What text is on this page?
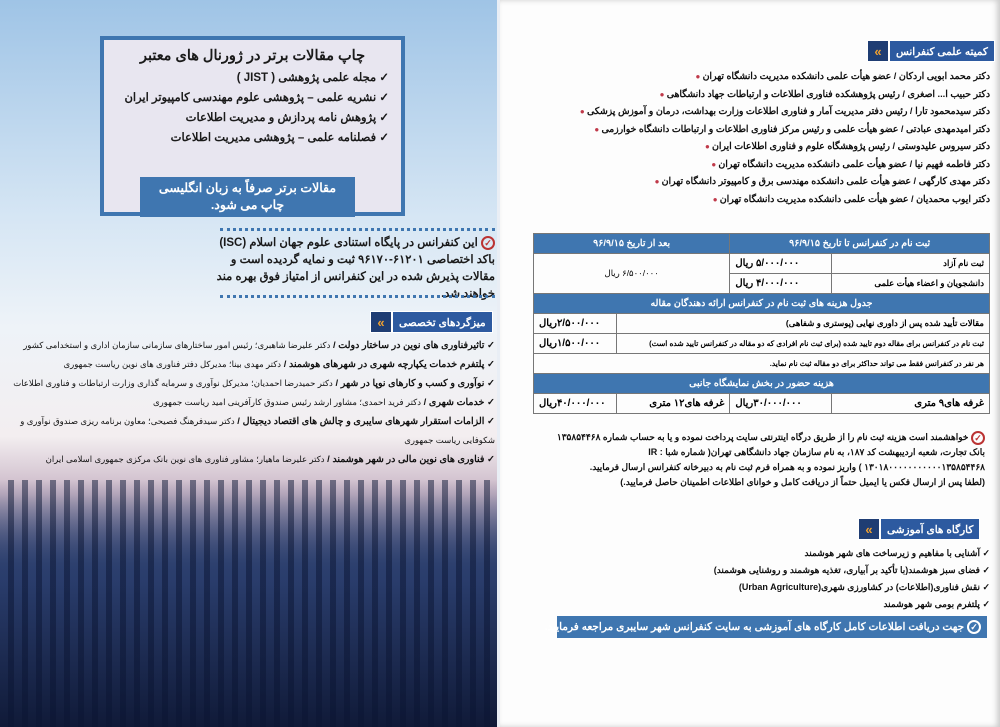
چاپ مقالات برتر در ژورنال های معتبر
✓ مجله علمی پژوهشی ( JIST )
✓ نشریه علمی – پژوهشی علوم مهندسی کامپیوتر ایران
✓ پژوهش نامه پردازش و مدیریت اطلاعات
✓ فصلنامه علمی – پژوهشی مدیریت اطلاعات
مقالات برتر صرفاً به زبان انگلیسی
چاپ می شود.
✓ این کنفرانس در پایگاه استنادی علوم جهان اسلام (ISC) باکد اختصاصی ۶۱۲۰۱-۹۶۱۷۰ ثبت و نمایه گردیده است و مقالات پذیرش شده در این کنفرانس از امتیاز فوق بهره مند خواهند شد.
«	میزگردهای تخصصی
✓ تاثیرفناوری های نوین در ساختار دولت / دکتر علیرضا شاهبری؛ رئیس امور ساختارهای سازمانی سازمان اداری و استخدامی کشور
✓ پلتفرم خدمات یکپارچه شهری در شهرهای هوشمند / دکتر مهدی بینا؛ مدیرکل دفتر فناوری های نوین ریاست جمهوری
✓ نوآوری و کسب و کارهای نوپا در شهر / دکتر حمیدرضا احمدیان؛ مدیرکل نوآوری و سرمایه گذاری وزارت ارتباطات و فناوری اطلاعات
✓ خدمات شهری / دکتر فرید احمدی؛ مشاور ارشد رئیس صندوق کارآفرینی امید ریاست جمهوری
✓ الزامات استقرار شهرهای سایبری و چالش های اقتصاد دیجیتال / دکتر سیدفرهنگ فصیحی؛ معاون برنامه ریزی صندوق نوآوری و شکوفایی ریاست جمهوری
✓ فناوری های نوین مالی در شهر هوشمند / دکتر علیرضا ماهیار؛ مشاور فناوری های نوین بانک مرکزی جمهوری اسلامی ایران
«	کمیته علمی کنفرانس
دکتر محمد ابویی اردکان / عضو هیأت علمی دانشکده مدیریت دانشگاه تهران ●
دکتر حبیب ا... اصغری / رئیس پژوهشکده فناوری اطلاعات و ارتباطات جهاد دانشگاهی ●
دکتر سیدمحمود تارا / رئیس دفتر مدیریت آمار و فناوری اطلاعات وزارت بهداشت، درمان و آموزش پزشکی ●
دکتر امیدمهدی عبادتی / عضو هیأت علمی و رئیس مرکز فناوری اطلاعات و ارتباطات دانشگاه خوارزمی ●
دکتر سیروس علیدوستی / رئیس پژوهشگاه علوم و فناوری اطلاعات ایران ●
دکتر فاطمه فهیم نیا / عضو هیأت علمی دانشکده مدیریت دانشگاه تهران ●
دکتر مهدی کارگهی / عضو هیأت علمی دانشکده مهندسی برق و کامپیوتر دانشگاه تهران ●
دکتر ایوب محمدیان / عضو هیأت علمی دانشکده مدیریت دانشگاه تهران ●
ثبت نام در کنفرانس تا تاریخ ۹۶/۹/۱۵		بعد از تاریخ ۹۶/۹/۱۵	
ثبت نام آزاد	۵/۰۰۰/۰۰۰ ریال	۶/۵۰۰/۰۰۰ ریال	
دانشجویان و اعضاء هیأت علمی	۴/۰۰۰/۰۰۰ ریال		
جدول هزینه های ثبت نام در کنفرانس ارائه دهندگان مقاله			
مقالات تأیید شده پس از داوری نهایی (پوستری و شفاهی)			۲/۵۰۰/۰۰۰ریال
ثبت نام در کنفرانس برای مقاله دوم تایید شده (برای ثبت نام افرادی که دو مقاله در کنفرانس تایید شده است)			۱/۵۰۰/۰۰۰ریال
هر نفر در کنفرانس فقط می تواند حداکثر برای دو مقاله ثبت نام نماید.			
هزینه حضور در بخش نمایشگاه جانبی			
غرفه های۹ متری	۳۰/۰۰۰/۰۰۰ریال	غرفه های۱۲ متری	۴۰/۰۰۰/۰۰۰ریال
✓ خواهشمند است هزینه ثبت نام را از طریق درگاه اینترنتی سایت پرداخت نموده و یا به حساب شماره ۱۳۵۸۵۴۴۶۸ بانک تجارت، شعبه اردیبهشت کد ۱۸۷، به نام سازمان جهاد دانشگاهی تهران( شماره شبا : IR ۱۳۰۱۸۰۰۰۰۰۰۰۰۰۰۰۱۳۵۸۵۴۴۶۸ ) واریز نموده و به همراه فرم ثبت نام به دبیرخانه کنفرانس ارسال فرمایید.
(لطفا پس از ارسال فکس یا ایمیل حتماً از دریافت کامل و خوانای اطلاعات اطمینان حاصل فرمایید.)
«	کارگاه های آموزشی
✓ آشنایی با مفاهیم و زیرساخت های شهر هوشمند
✓ فضای سبز هوشمند(با تأکید بر آبیاری، تغذیه هوشمند و روشنایی هوشمند)
✓ نقش فناوری(اطلاعات) در کشاورزی شهری(Urban Agriculture)
✓ پلتفرم بومی شهر هوشمند
✓ جهت دریافت اطلاعات کامل کارگاه های آموزشی به سایت کنفرانس شهر سایبری مراجعه فرمایید.
